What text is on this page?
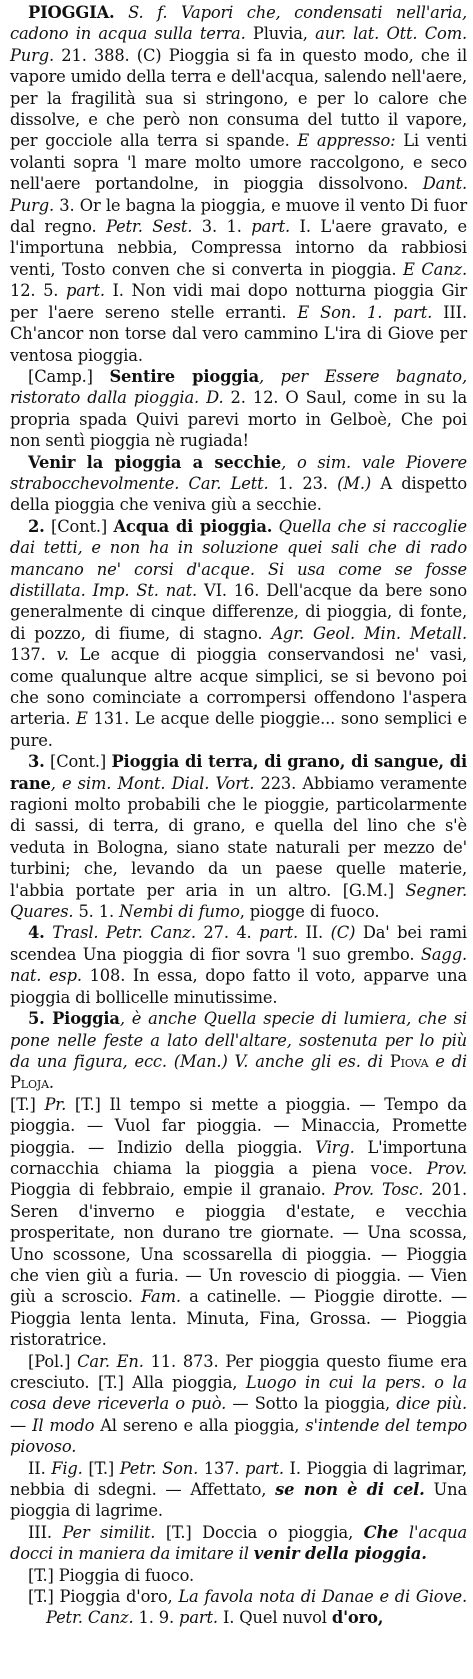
PIOGGIA. S. f. Vapori che, condensati nell'aria, cadono in acqua sulla terra. Pluvia, aur. lat. Ott. Com. Purg. 21. 388. (C) Pioggia si fa in questo modo, che il vapore umido della terra e dell'acqua, salendo nell'aere, per la fragilità sua si stringono, e per lo calore che dissolve, e che però non consuma del tutto il vapore, per gocciole alla terra si spande. E appresso: Li venti volanti sopra 'l mare molto umore raccolgono, e seco nell'aere portandolne, in pioggia dissolvono. Dant. Purg. 3. Or le bagna la pioggia, e muove il vento Di fuor dal regno. Petr. Sest. 3. 1. part. I. L'aere gravato, e l'importuna nebbia, Compressa intorno da rabbiosi venti, Tosto conven che si converta in pioggia. E Canz. 12. 5. part. I. Non vidi mai dopo notturna pioggia Gir per l'aere sereno stelle erranti. E Son. 1. part. III. Ch'ancor non torse dal vero cammino L'ira di Giove per ventosa pioggia.

[Camp.] Sentire pioggia, per Essere bagnato, ristorato dalla pioggia. D. 2. 12. O Saul, come in su la propria spada Quivi parevi morto in Gelboè, Che poi non sentì pioggia nè rugiada!

Venir la pioggia a secchie, o sim. vale Piovere strabocchevolmente. Car. Lett. 1. 23. (M.) A dispetto della pioggia che veniva giù a secchie.

2. [Cont.] Acqua di pioggia. Quella che si raccoglie dai tetti, e non ha in soluzione quei sali che di rado mancano ne' corsi d'acque. Si usa come se fosse distillata. Imp. St. nat. VI. 16. Dell'acque da bere sono generalmente di cinque differenze, di pioggia, di fonte, di pozzo, di fiume, di stagno. Agr. Geol. Min. Metall. 137. v. Le acque di pioggia conservandosi ne' vasi, come qualunque altre acque simplici, se si bevono poi che sono cominciate a corrompersi offendono l'aspera arteria. E 131. Le acque delle pioggie... sono semplici e pure.

3. [Cont.] Pioggia di terra, di grano, di sangue, di rane, e sim. Mont. Dial. Vort. 223. Abbiamo veramente ragioni molto probabili che le pioggie, particolarmente di sassi, di terra, di grano, e quella del lino che s'è veduta in Bologna, siano state naturali per mezzo de' turbini; che, levando da un paese quelle materie, l'abbia portate per aria in un altro. [G.M.] Segner. Quares. 5. 1. Nembi di fumo, piogge di fuoco.

4. Trasl. Petr. Canz. 27. 4. part. II. (C) Da' bei rami scendea Una pioggia di fior sovra 'l suo grembo. Sagg. nat. esp. 108. In essa, dopo fatto il voto, apparve una pioggia di bollicelle minutissime.

5. Pioggia, è anche Quella specie di lumiera, che si pone nelle feste a lato dell'altare, sostenuta per lo più da una figura, ecc. (Man.) V. anche gli es. di Piova e di Ploja.

[T.] Pr. [T.] Il tempo si mette a pioggia. — Tempo da pioggia. — Vuol far pioggia. — Minaccia, Promette pioggia. — Indizio della pioggia. Virg. L'importuna cornacchia chiama la pioggia a piena voce. Prov. Pioggia di febbraio, empie il granaio. Prov. Tosc. 201. Seren d'inverno e pioggia d'estate, e vecchia prosperitate, non durano tre giornate. — Una scossa, Uno scossone, Una scossarella di pioggia. — Pioggia che vien giù a furia. — Un rovescio di pioggia. — Vien giù a scroscio. Fam. a catinelle. — Pioggie dirotte. — Pioggia lenta lenta. Minuta, Fina, Grossa. — Pioggia ristoratrice.

[Pol.] Car. En. 11. 873. Per pioggia questo fiume era cresciuto. [T.] Alla pioggia, Luogo in cui la pers. o la cosa deve riceverla o può. — Sotto la pioggia, dice più. — Il modo Al sereno e alla pioggia, s'intende del tempo piovoso.

II. Fig. [T.] Petr. Son. 137. part. I. Pioggia di lagrimar, nebbia di sdegni. — Affettato, se non è di cel. Una pioggia di lagrime.

III. Per similit. [T.] Doccia o pioggia, Che l'acqua docci in maniera da imitare il venir della pioggia.

[T.] Pioggia di fuoco.

[T.] Pioggia d'oro, La favola nota di Danae e di Giove. Petr. Canz. 1. 9. part. I. Quel nuvol d'oro,
